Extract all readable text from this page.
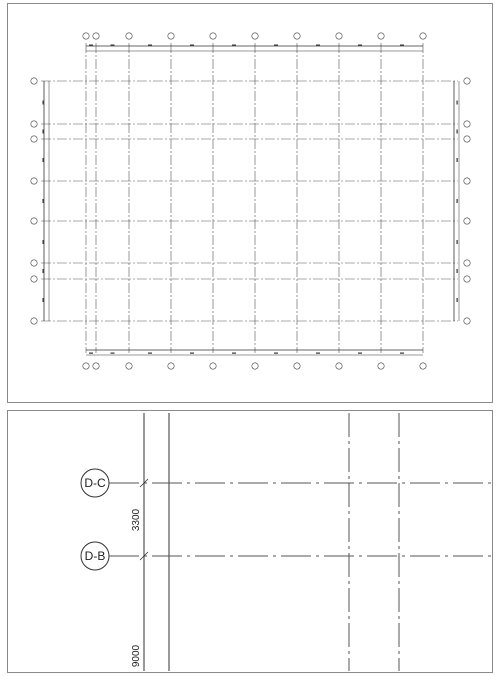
D-C
D-B
3300
9000
